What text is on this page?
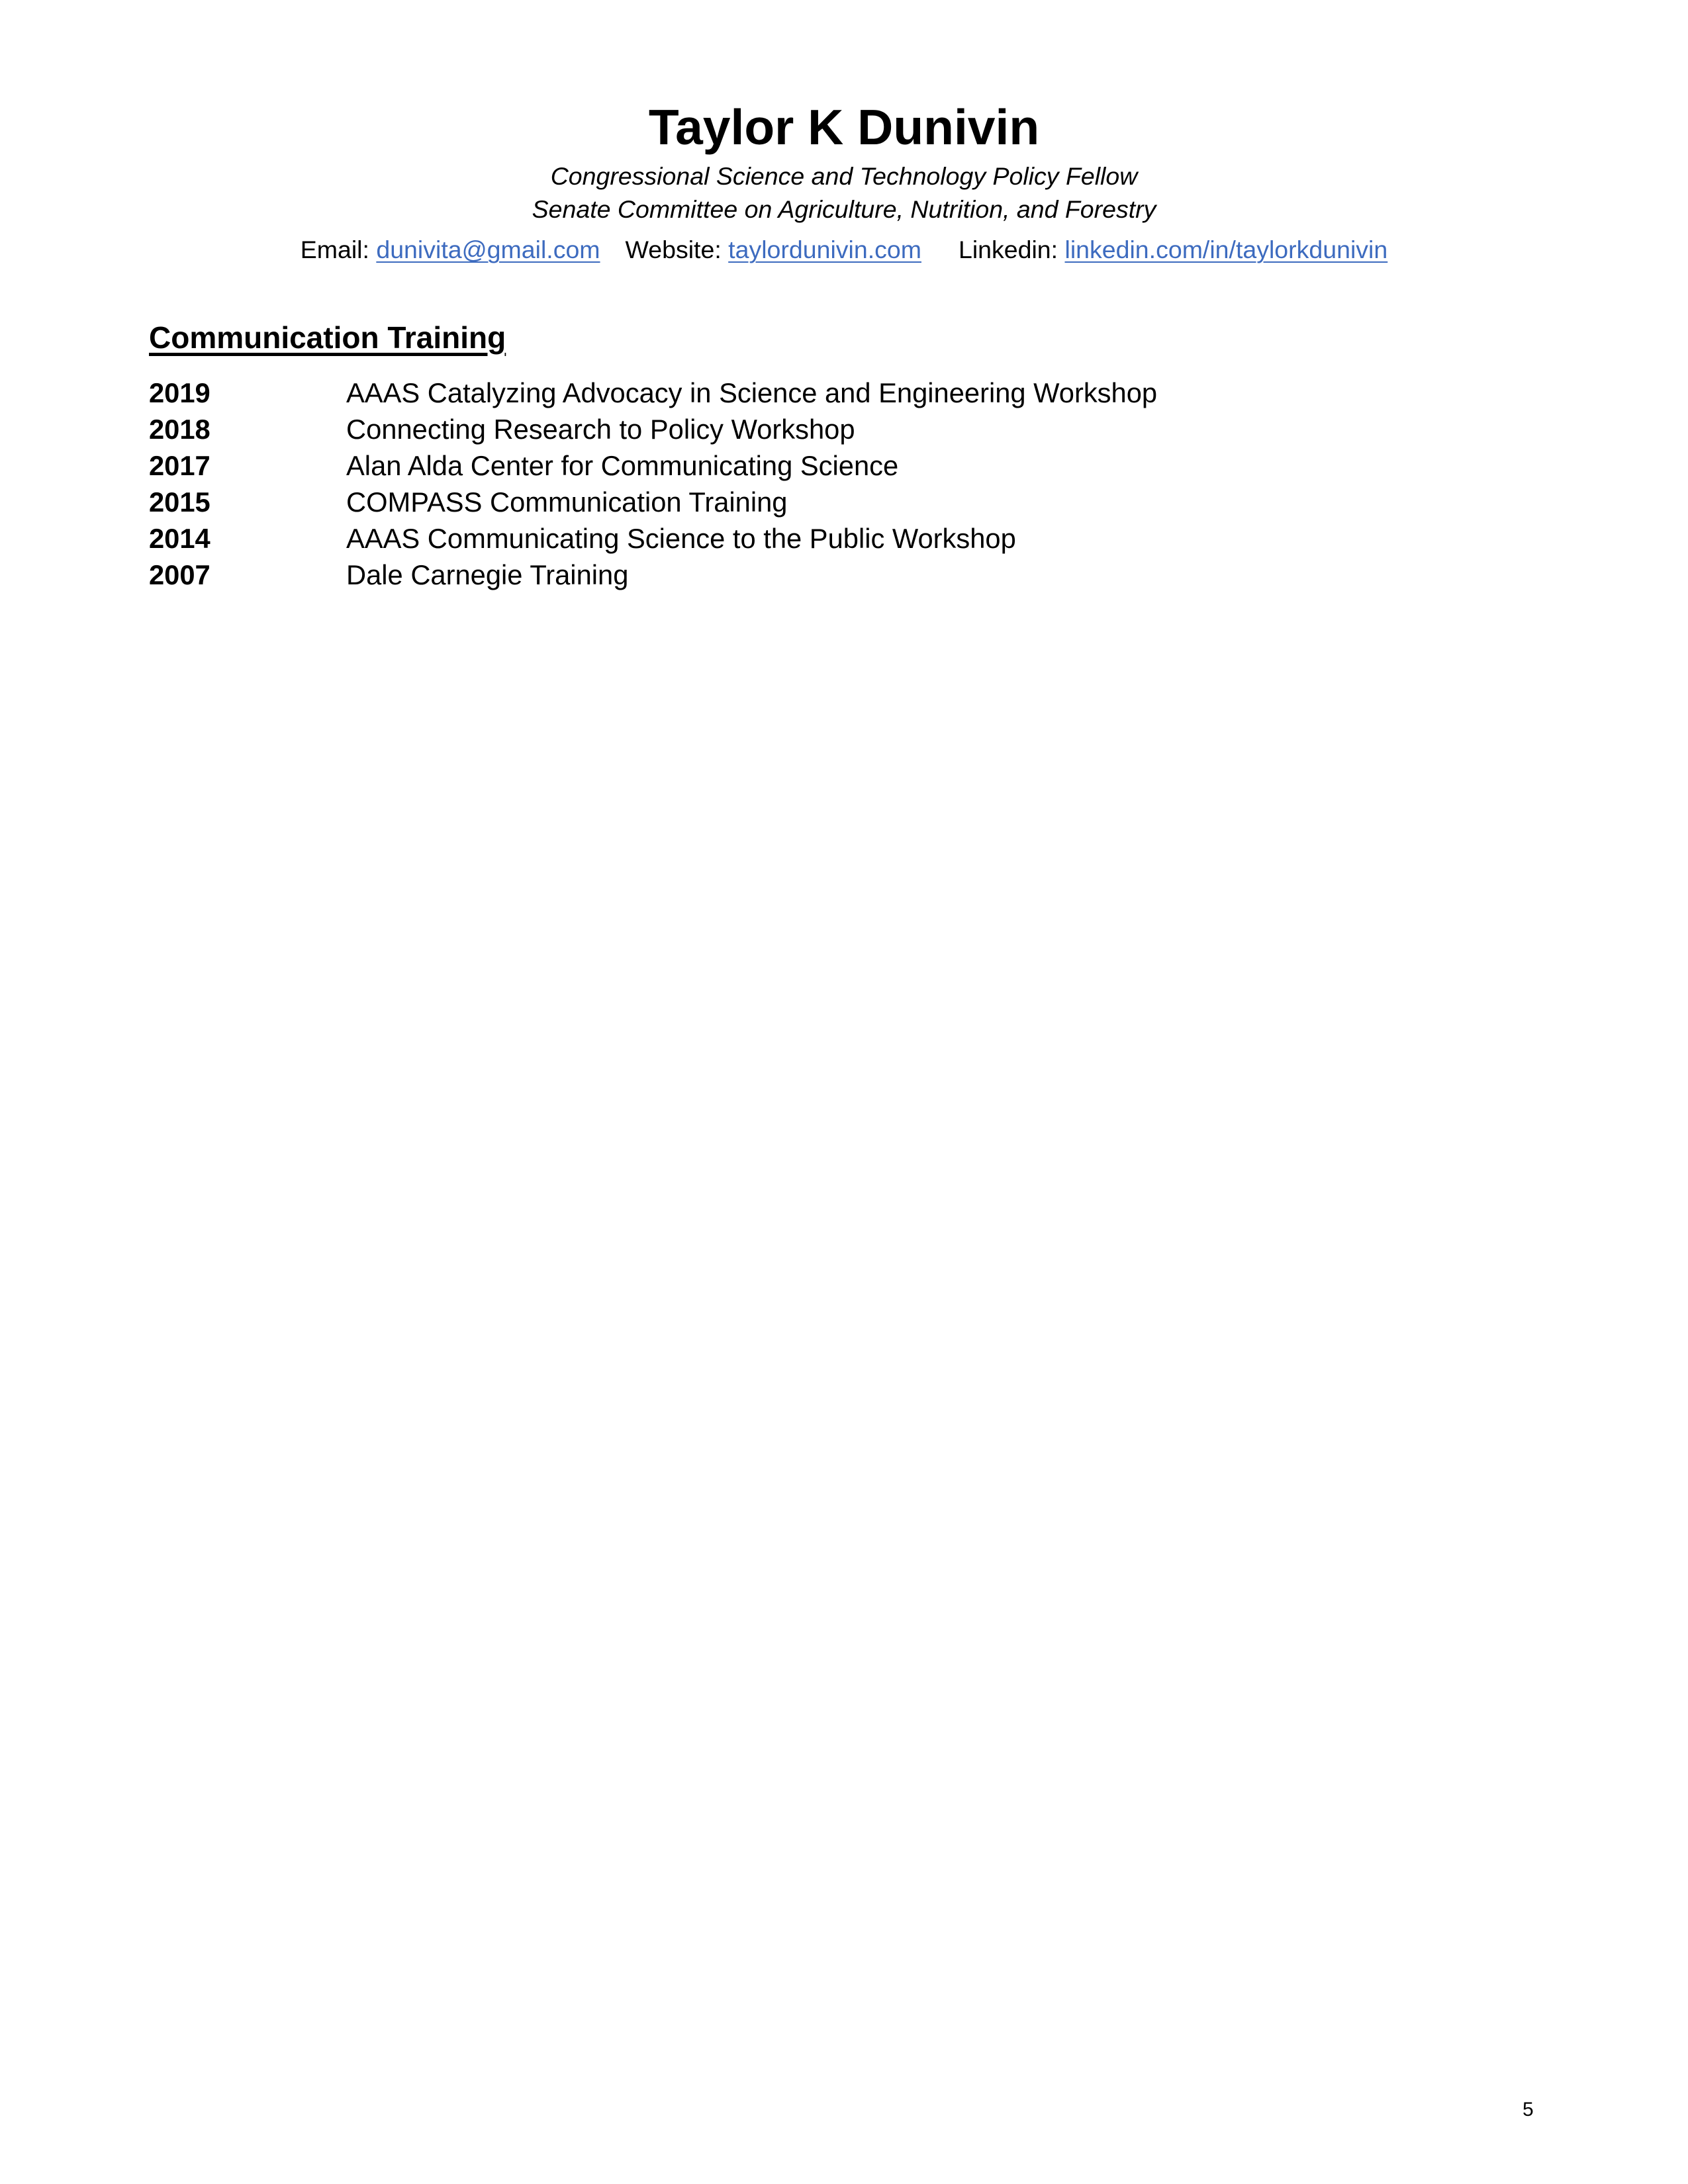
Taylor K Dunivin
Congressional Science and Technology Policy Fellow
Senate Committee on Agriculture, Nutrition, and Forestry
Email: dunivita@gmail.com Website: taylordunivin.com Linkedin: linkedin.com/in/taylorkdunivin
Communication Training
2019	AAAS Catalyzing Advocacy in Science and Engineering Workshop
2018	Connecting Research to Policy Workshop
2017	Alan Alda Center for Communicating Science
2015	COMPASS Communication Training
2014	AAAS Communicating Science to the Public Workshop
2007	Dale Carnegie Training
5
